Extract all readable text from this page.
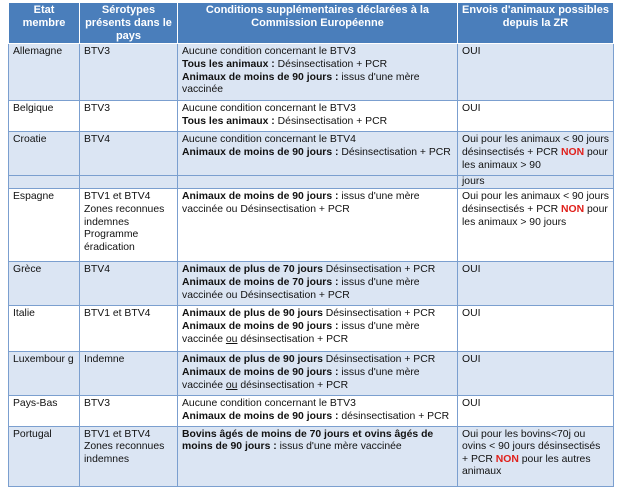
Etat membre	Sérotypes présents dans le pays	Conditions supplémentaires déclarées à la Commission Européenne	Envois d'animaux possibles depuis la ZR
Allemagne	BTV3	Aucune condition concernant le BTV3
Tous les animaux : Désinsectisation + PCR
Animaux de moins de 90 jours : issus d'une mère vaccinée	OUI
Belgique	BTV3	Aucune condition concernant le BTV3
Tous les animaux : Désinsectisation + PCR	OUI
Croatie	BTV4	Aucune condition concernant le BTV4
Animaux de moins de 90 jours : Désinsectisation + PCR	Oui pour les animaux < 90 jours désinsectisés + PCR NON pour les animaux > 90
			jours
Espagne	BTV1 et BTV4
Zones reconnues indemnes
Programme éradication	Animaux de moins de 90 jours : issus d'une mère vaccinée ou Désinsectisation + PCR	Oui pour les animaux < 90 jours désinsectisés + PCR NON pour les animaux > 90 jours
Grèce	BTV4	Animaux de plus de 70 jours Désinsectisation + PCR
Animaux de moins de 70 jours : issus d'une mère vaccinée ou Désinsectisation + PCR	OUI
Italie	BTV1 et BTV4	Animaux de plus de 90 jours Désinsectisation + PCR
Animaux de moins de 90 jours : issus d'une mère vaccinée ou désinsectisation + PCR	OUI
Luxembour g	Indemne	Animaux de plus de 90 jours Désinsectisation + PCR
Animaux de moins de 90 jours : issus d'une mère vaccinée ou désinsectisation + PCR	OUI
Pays-Bas	BTV3	Aucune condition concernant le BTV3
Animaux de moins de 90 jours : désinsectisation + PCR	OUI
Portugal	BTV1 et BTV4
Zones reconnues indemnes	Bovins âgés de moins de 70 jours et ovins âgés de moins de 90 jours : issus d'une mère vaccinée	Oui pour les bovins<70j ou ovins < 90 jours désinsectisés + PCR NON pour les autres animaux
